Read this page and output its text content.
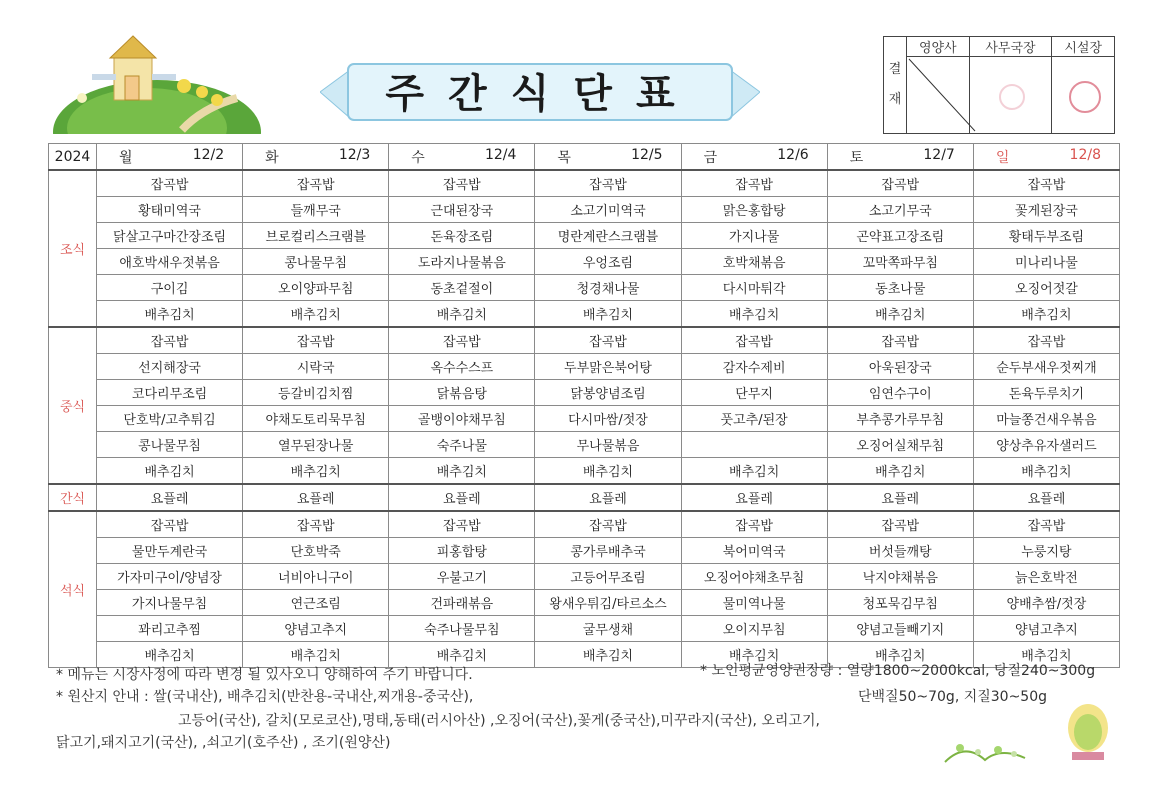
주간식단표
결재	영양사	사무국장	시설장

2024	월 12/2	화 12/3	수 12/4	목 12/5	금 12/6	토 12/7	일 12/8

조식	잡곡밥	잡곡밥	잡곡밥	잡곡밥	잡곡밥	잡곡밥	잡곡밥
	황태미역국	들깨무국	근대된장국	소고기미역국	맑은홍합탕	소고기무국	꽃게된장국
	닭살고구마간장조림	브로컬리스크램블	돈육장조림	명란계란스크램블	가지나물	곤약표고장조림	황태두부조림
	애호박새우젓볶음	콩나물무침	도라지나물볶음	우엉조림	호박채볶음	꼬막쪽파무침	미나리나물
	구이김	오이양파무침	동초겉절이	청경채나물	다시마튀각	동초나물	오징어젓갈
	배추김치	배추김치	배추김치	배추김치	배추김치	배추김치	배추김치
중식	잡곡밥	잡곡밥	잡곡밥	잡곡밥	잡곡밥	잡곡밥	잡곡밥
	선지해장국	시락국	옥수수스프	두부맑은북어탕	감자수제비	아욱된장국	순두부새우젓찌개
	코다리무조림	등갈비김치찜	닭볶음탕	닭봉양념조림	단무지	임연수구이	돈육두루치기
	단호박/고추튀김	야채도토리묵무침	골뱅이야채무침	다시마쌈/젓장	풋고추/된장	부추콩가루무침	마늘쫑건새우볶음
	콩나물무침	열무된장나물	숙주나물	무나물볶음		오징어실채무침	양상추유자샐러드
	배추김치	배추김치	배추김치	배추김치	배추김치	배추김치	배추김치
간식	요플레	요플레	요플레	요플레	요플레	요플레	요플레
석식	잡곡밥	잡곡밥	잡곡밥	잡곡밥	잡곡밥	잡곡밥	잡곡밥
	물만두계란국	단호박죽	피홍합탕	콩가루배추국	북어미역국	버섯들깨탕	누룽지탕
	가자미구이/양념장	너비아니구이	우불고기	고등어무조림	오징어야채초무침	낙지야채볶음	늙은호박전
	가지나물무침	연근조림	건파래볶음	왕새우튀김/타르소스	물미역나물	청포묵김무침	양배추쌈/젓장
	꽈리고추찜	양념고추지	숙주나물무침	굴무생채	오이지무침	양념고들빼기지	양념고추지
	배추김치	배추김치	배추김치	배추김치	배추김치	배추김치	배추김치
* 메뉴는 시장사정에 따라 변경 될 있사오니 양해하여 주기 바랍니다.	* 노인평균영양권장량 : 열량1800~2000kcal, 당질240~300g
단백질50~70g, 지질30~50g
* 원산지 안내 : 쌀(국내산), 배추김치(반찬용-국내산,찌개용-중국산),
고등어(국산), 갈치(모로코산),명태,동태(러시아산) ,오징어(국산),꽃게(중국산),미꾸라지(국산), 오리고기,
닭고기,돼지고기(국산), ,쇠고기(호주산) , 조기(원양산)
